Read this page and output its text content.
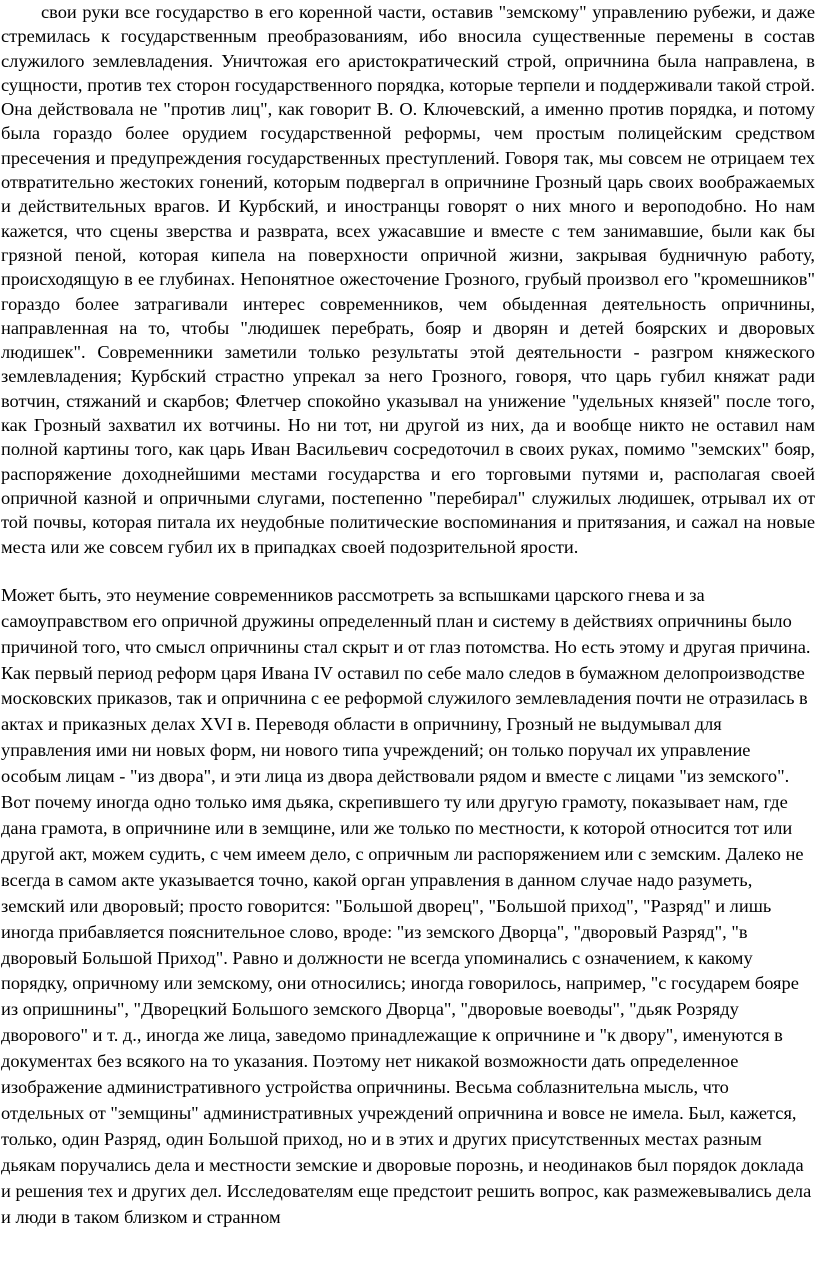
свои руки все государство в его коренной части, оставив "земскому" управлению рубежи, и даже стремилась к государственным преобразованиям, ибо вносила существенные перемены в состав служилого землевладения. Уничтожая его аристократический строй, опричнина была направлена, в сущности, против тех сторон государственного порядка, которые терпели и поддерживали такой строй. Она действовала не "против лиц", как говорит В. О. Ключевский, а именно против порядка, и потому была гораздо более орудием государственной реформы, чем простым полицейским средством пресечения и предупреждения государственных преступлений. Говоря так, мы совсем не отрицаем тех отвратительно жестоких гонений, которым подвергал в опричнине Грозный царь своих воображаемых и действительных врагов. И Курбский, и иностранцы говорят о них много и вероподобно. Но нам кажется, что сцены зверства и разврата, всех ужасавшие и вместе с тем занимавшие, были как бы грязной пеной, которая кипела на поверхности опричной жизни, закрывая будничную работу, происходящую в ее глубинах. Непонятное ожесточение Грозного, грубый произвол его "кромешников" гораздо более затрагивали интерес современников, чем обыденная деятельность опричнины, направленная на то, чтобы "людишек перебрать, бояр и дворян и детей боярских и дворовых людишек". Современники заметили только результаты этой деятельности - разгром княжеского землевладения; Курбский страстно упрекал за него Грозного, говоря, что царь губил княжат ради вотчин, стяжаний и скарбов; Флетчер спокойно указывал на унижение "удельных князей" после того, как Грозный захватил их вотчины. Но ни тот, ни другой из них, да и вообще никто не оставил нам полной картины того, как царь Иван Васильевич сосредоточил в своих руках, помимо "земских" бояр, распоряжение доходнейшими местами государства и его торговыми путями и, располагая своей опричной казной и опричными слугами, постепенно "перебирал" служилых людишек, отрывал их от той почвы, которая питала их неудобные политические воспоминания и притязания, и сажал на новые места или же совсем губил их в припадках своей подозрительной ярости.

Может быть, это неумение современников рассмотреть за вспышками царского гнева и за самоуправством его опричной дружины определенный план и систему в действиях опричнины было причиной того, что смысл опричнины стал скрыт и от глаз потомства. Но есть этому и другая причина. Как первый период реформ царя Ивана IV оставил по себе мало следов в бумажном делопроизводстве московских приказов, так и опричнина с ее реформой служилого землевладения почти не отразилась в актах и приказных делах XVI в. Переводя области в опричнину, Грозный не выдумывал для управления ими ни новых форм, ни нового типа учреждений; он только поручал их управление особым лицам - "из двора", и эти лица из двора действовали рядом и вместе с лицами "из земского". Вот почему иногда одно только имя дьяка, скрепившего ту или другую грамоту, показывает нам, где дана грамота, в опричнине или в земщине, или же только по местности, к которой относится тот или другой акт, можем судить, с чем имеем дело, с опричным ли распоряжением или с земским. Далеко не всегда в самом акте указывается точно, какой орган управления в данном случае надо разуметь, земский или дворовый; просто говорится: "Большой дворец", "Большой приход", "Разряд" и лишь иногда прибавляется пояснительное слово, вроде: "из земского Дворца", "дворовый Разряд", "в дворовый Большой Приход". Равно и должности не всегда упоминались с означением, к какому порядку, опричному или земскому, они относились; иногда говорилось, например, "с государем бояре из опришнины", "Дворецкий Большого земского Дворца", "дворовые воеводы", "дьяк Розряду дворового" и т. д., иногда же лица, заведомо принадлежащие к опричнине и "к двору", именуются в документах без всякого на то указания. Поэтому нет никакой возможности дать определенное изображение административного устройства опричнины. Весьма соблазнительна мысль, что отдельных от "земщины" административных учреждений опричнина и вовсе не имела. Был, кажется, только, один Разряд, один Большой приход, но и в этих и других присутственных местах разным дьякам поручались дела и местности земские и дворовые порознь, и неодинаков был порядок доклада и решения тех и других дел. Исследователям еще предстоит решить вопрос, как размежевывались дела и люди в таком близком и странном
